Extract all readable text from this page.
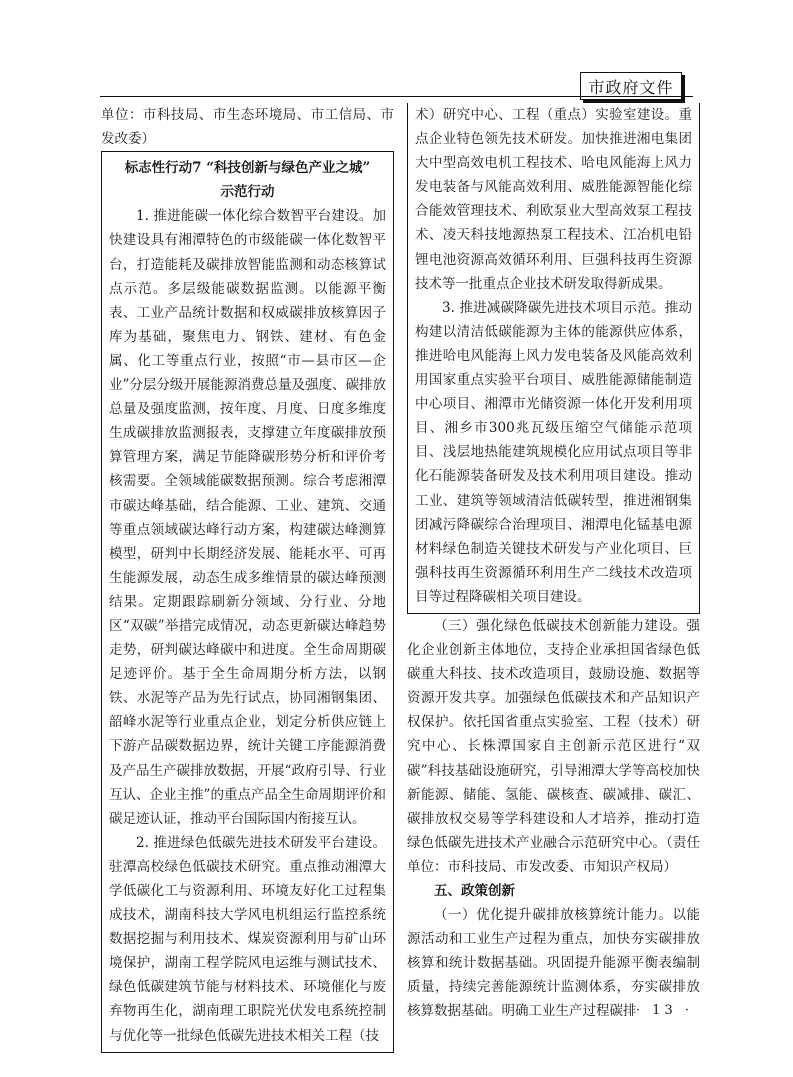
市政府文件

单位：市科技局、市生态环境局、市工信局、市发改委）

标志性行动7 “科技创新与绿色产业之城”

示范行动

1. 推进能碳一体化综合数智平台建设。加快建设具有湘潭特色的市级能碳一体化数智平台，打造能耗及碳排放智能监测和动态核算试点示范。多层级能碳数据监测。以能源平衡表、工业产品统计数据和权威碳排放核算因子库为基础，聚焦电力、钢铁、建材、有色金属、化工等重点行业，按照“市—县市区—企业”分层分级开展能源消费总量及强度、碳排放总量及强度监测，按年度、月度、日度多维度生成碳排放监测报表，支撑建立年度碳排放预算管理方案，满足节能降碳形势分析和评价考核需要。全领域能碳数据预测。综合考虑湘潭市碳达峰基础，结合能源、工业、建筑、交通等重点领域碳达峰行动方案，构建碳达峰测算模型，研判中长期经济发展、能耗水平、可再生能源发展，动态生成多维情景的碳达峰预测结果。定期跟踪刷新分领域、分行业、分地区“双碳”举措完成情况，动态更新碳达峰趋势走势，研判碳达峰碳中和进度。全生命周期碳足迹评价。基于全生命周期分析方法，以钢铁、水泥等产品为先行试点，协同湘钢集团、韶峰水泥等行业重点企业，划定分析供应链上下游产品碳数据边界，统计关键工序能源消费及产品生产碳排放数据，开展“政府引导、行业互认、企业主推”的重点产品全生命周期评价和碳足迹认证，推动平台国际国内衔接互认。

2. 推进绿色低碳先进技术研发平台建设。驻潭高校绿色低碳技术研究。重点推动湘潭大学低碳化工与资源利用、环境友好化工过程集成技术，湖南科技大学风电机组运行监控系统数据挖掘与利用技术、煤炭资源利用与矿山环境保护，湖南工程学院风电运维与测试技术、绿色低碳建筑节能与材料技术、环境催化与废弃物再生化，湖南理工职院光伏发电系统控制与优化等一批绿色低碳先进技术相关工程（技

术）研究中心、工程（重点）实验室建设。重点企业特色领先技术研发。加快推进湘电集团大中型高效电机工程技术、哈电风能海上风力发电装备与风能高效利用、威胜能源智能化综合能效管理技术、利欧泵业大型高效泵工程技术、凌天科技地源热泵工程技术、江冶机电铅锂电池资源高效循环利用、巨强科技再生资源技术等一批重点企业技术研发取得新成果。

3. 推进减碳降碳先进技术项目示范。推动构建以清洁低碳能源为主体的能源供应体系，推进哈电风能海上风力发电装备及风能高效利用国家重点实验平台项目、威胜能源储能制造中心项目、湘潭市光储资源一体化开发利用项目、湘乡市300兆瓦级压缩空气储能示范项目、浅层地热能建筑规模化应用试点项目等非化石能源装备研发及技术利用项目建设。推动工业、建筑等领域清洁低碳转型，推进湘钢集团减污降碳综合治理项目、湘潭电化锰基电源材料绿色制造关键技术研发与产业化项目、巨强科技再生资源循环利用生产二线技术改造项目等过程降碳相关项目建设。

（三）强化绿色低碳技术创新能力建设。强化企业创新主体地位，支持企业承担国省绿色低碳重大科技、技术改造项目，鼓励设施、数据等资源开发共享。加强绿色低碳技术和产品知识产权保护。依托国省重点实验室、工程（技术）研究中心、长株潭国家自主创新示范区进行“双碳”科技基础设施研究，引导湘潭大学等高校加快新能源、储能、氢能、碳核查、碳减排、碳汇、碳排放权交易等学科建设和人才培养，推动打造绿色低碳先进技术产业融合示范研究中心。（责任单位：市科技局、市发改委、市知识产权局）

五、政策创新

（一）优化提升碳排放核算统计能力。以能源活动和工业生产过程为重点，加快夯实碳排放核算和统计数据基础。巩固提升能源平衡表编制质量，持续完善能源统计监测体系，夯实碳排放核算数据基础。明确工业生产过程碳排 · 13 ·
